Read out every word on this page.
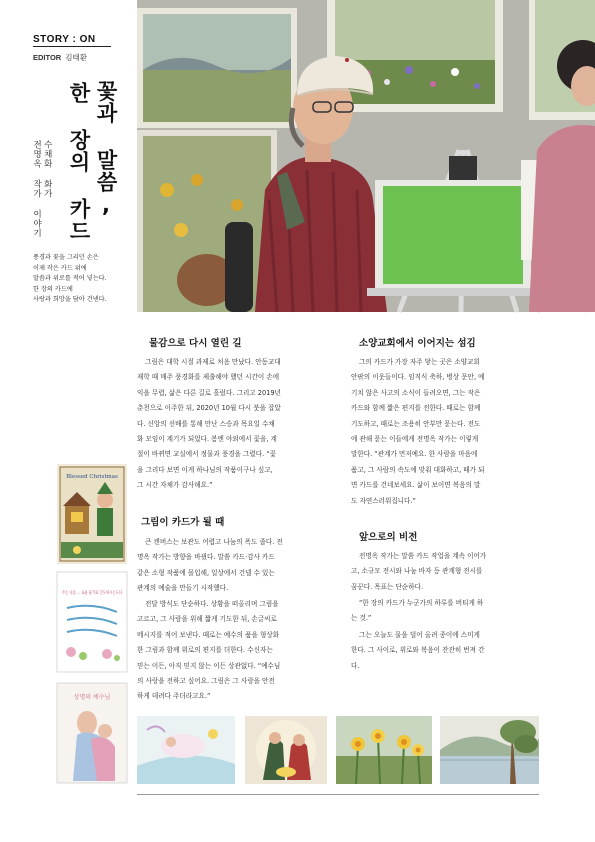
STORY : ON
EDITOR 김태환
꽃과 말씀,
한 장의 카드
수채화 화가
전명옥 작가 이야기
풍경과 꽃을 그리던 손은
이제 작은 카드 위에
말씀과 위로를 적어 넣는다.
한 장의 카드에
사랑과 희망을 담아 건넨다.
물감으로 다시 열린 길
그림은 대학 시절 과제로 처음 만났다. 안동교대
재학 때 매주 풍경화를 제출해야 했던 시간이 손에
익을 무렵, 삶은 다른 길로 흘렀다. 그리고 2019년
춘천으로 이주한 뒤, 2020년 10월 다시 붓을 잡았
다. 신앙의 선배를 통해 만난 스승과 목요일 수채
화 모임이 계기가 되었다. 봄엔 야외에서 꽃을, 계
절이 바뀌면 교실에서 정물과 풍경을 그렸다. “꽃
을 그리다 보면 이게 하나님의 작품이구나 싶고,
그 시간 자체가 감사해요.”
그림이 카드가 될 때
큰 캔버스는 보관도 어렵고 나눔의 폭도 좁다. 전
명옥 작가는 방향을 바꿨다. 말씀 카드·감사 카드
같은 소형 작품에 몰입해, 일상에서 건넬 수 있는
관계의 예술을 만들기 시작했다.
전달 방식도 단순하다. 상황을 떠올리며 그림을
고르고, 그 사람을 위해 짧게 기도한 뒤, 손글씨로
메시지를 적어 보낸다. 때로는 예수의 품을 형상화
한 그림과 함께 위로의 편지를 더한다. 수신자는
믿는 이든, 아직 믿지 않는 이든 상관없다. “예수님
의 사랑을 전하고 싶어요. 그림은 그 사랑을 안전
하게 데려다 주더라고요.”
소양교회에서 이어지는 섬김
그의 카드가 가장 자주 닿는 곳은 소양교회
안팎의 이웃들이다. 임직식 축하, 병상 문안, 예
기치 않은 사고의 소식이 들려오면, 그는 작은
카드와 함께 짧은 편지를 전한다. 때로는 함께
기도하고, 때로는 조용히 안부만 묻는다. 전도
에 관해 묻는 이들에게 전명옥 작가는 이렇게
말한다. “관계가 먼저예요. 한 사람을 마음에
품고, 그 사람의 속도에 맞춰 대화하고, 때가 되
면 카드를 건네보세요. 삶이 보이면 복음의 말
도 자연스러워집니다.”
앞으로의 비전
전명옥 작가는 말씀 카드 작업을 계속 이어가
고, 소규모 전시와 나눔 바자 등 관계형 전시를
꿈꾼다. 목표는 단순하다.
“한 장의 카드가 누군가의 하루를 버티게 하
는 것.”
그는 오늘도 물을 덜어 올려 종이에 스미게
한다. 그 사이로, 위로와 복음이 잔잔히 번져 간
다.
Blessed Christmas
주는 나를 ... 로운 물가로 인도하시는도다
상명의 예수님
